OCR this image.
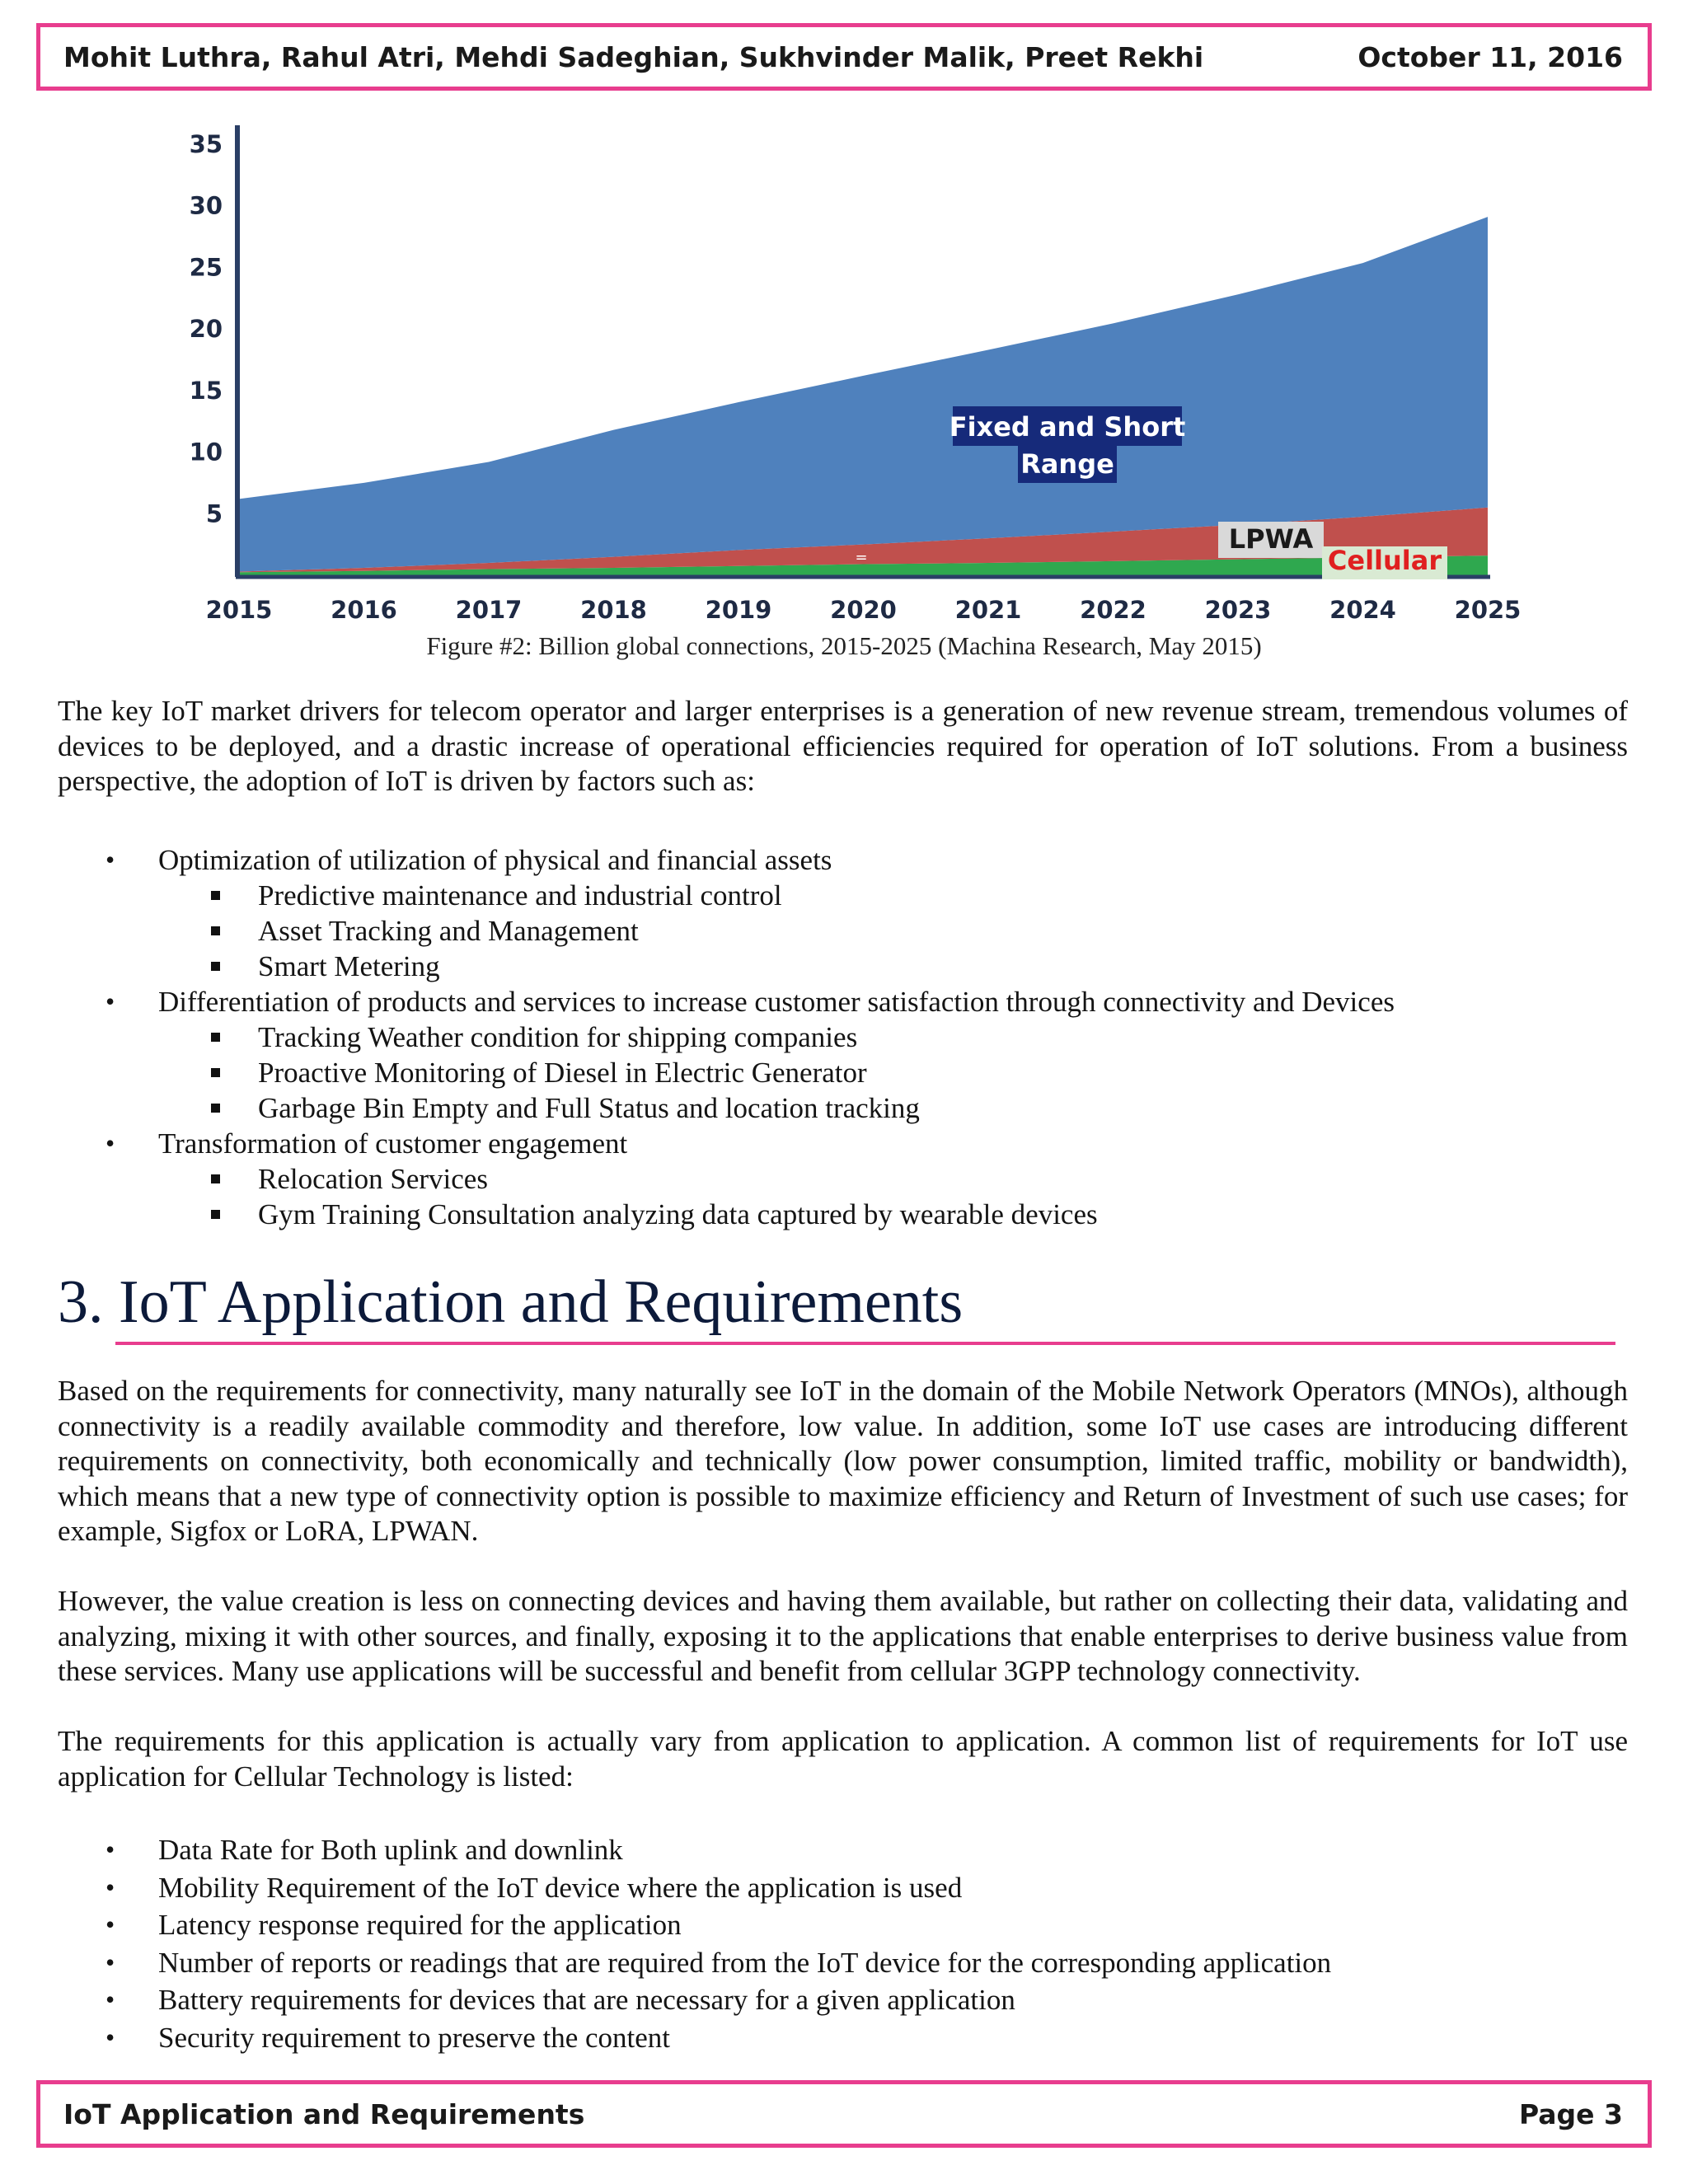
Mohit Luthra, Rahul Atri, Mehdi Sadeghian, Sukhvinder Malik, Preet Rekhi	October 11, 2016
5
10
15
20
25
30
35
2015 2016 2017 2018 2019 2020 2021 2022 2023 2024 2025
Fixed and Short
Range
LPWA
Cellular
=
Figure #2: Billion global connections, 2015-2025 (Machina Research, May 2015)

The key IoT market drivers for telecom operator and larger enterprises is a generation of new revenue stream, tremendous volumes of devices to be deployed, and a drastic increase of operational efficiencies required for operation of IoT solutions. From a business perspective, the adoption of IoT is driven by factors such as:

• Optimization of utilization of physical and financial assets
Predictive maintenance and industrial control
Asset Tracking and Management
Smart Metering
• Differentiation of products and services to increase customer satisfaction through connectivity and Devices
Tracking Weather condition for shipping companies
Proactive Monitoring of Diesel in Electric Generator
Garbage Bin Empty and Full Status and location tracking
• Transformation of customer engagement
Relocation Services
Gym Training Consultation analyzing data captured by wearable devices
3. IoT Application and Requirements

Based on the requirements for connectivity, many naturally see IoT in the domain of the Mobile Network Operators (MNOs), although connectivity is a readily available commodity and therefore, low value. In addition, some IoT use cases are introducing different requirements on connectivity, both economically and technically (low power consumption, limited traffic, mobility or bandwidth), which means that a new type of connectivity option is possible to maximize efficiency and Return of Investment of such use cases; for example, Sigfox or LoRA, LPWAN.

However, the value creation is less on connecting devices and having them available, but rather on collecting their data, validating and analyzing, mixing it with other sources, and finally, exposing it to the applications that enable enterprises to derive business value from these services. Many use applications will be successful and benefit from cellular 3GPP technology connectivity.

The requirements for this application is actually vary from application to application. A common list of requirements for IoT use application for Cellular Technology is listed:

• Data Rate for Both uplink and downlink
• Mobility Requirement of the IoT device where the application is used
• Latency response required for the application
• Number of reports or readings that are required from the IoT device for the corresponding application
• Battery requirements for devices that are necessary for a given application
• Security requirement to preserve the content
IoT Application and Requirements	Page 3
